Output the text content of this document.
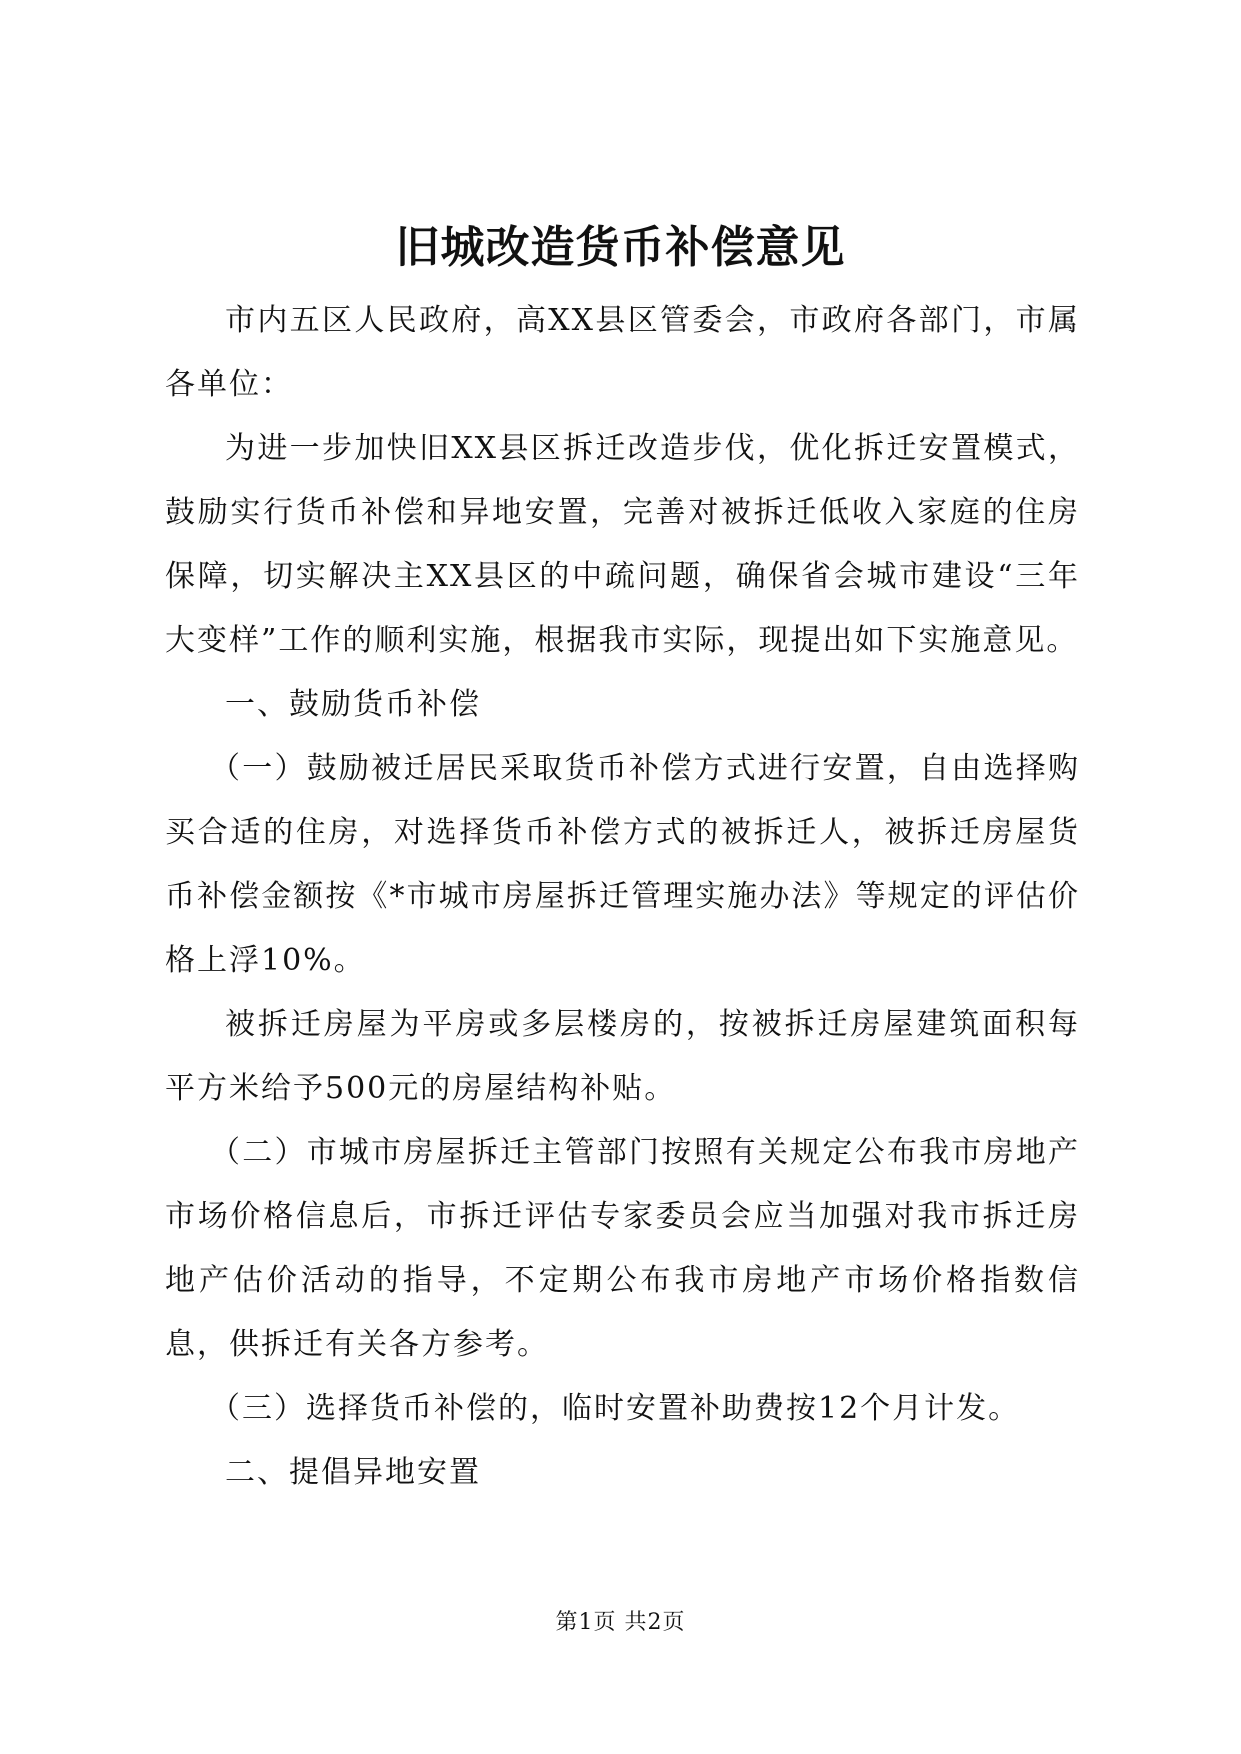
旧城改造货币补偿意见

市内五区人民政府，高XX县区管委会，市政府各部门，市属各单位：

为进一步加快旧XX县区拆迁改造步伐，优化拆迁安置模式，鼓励实行货币补偿和异地安置，完善对被拆迁低收入家庭的住房保障，切实解决主XX县区的中疏问题，确保省会城市建设“三年大变样”工作的顺利实施，根据我市实际，现提出如下实施意见。

一、鼓励货币补偿

（一）鼓励被迁居民采取货币补偿方式进行安置，自由选择购买合适的住房，对选择货币补偿方式的被拆迁人，被拆迁房屋货币补偿金额按《*市城市房屋拆迁管理实施办法》等规定的评估价格上浮10%。

被拆迁房屋为平房或多层楼房的，按被拆迁房屋建筑面积每平方米给予500元的房屋结构补贴。

（二）市城市房屋拆迁主管部门按照有关规定公布我市房地产市场价格信息后，市拆迁评估专家委员会应当加强对我市拆迁房地产估价活动的指导，不定期公布我市房地产市场价格指数信息，供拆迁有关各方参考。

（三）选择货币补偿的，临时安置补助费按12个月计发。

二、提倡异地安置

第1页 共2页
